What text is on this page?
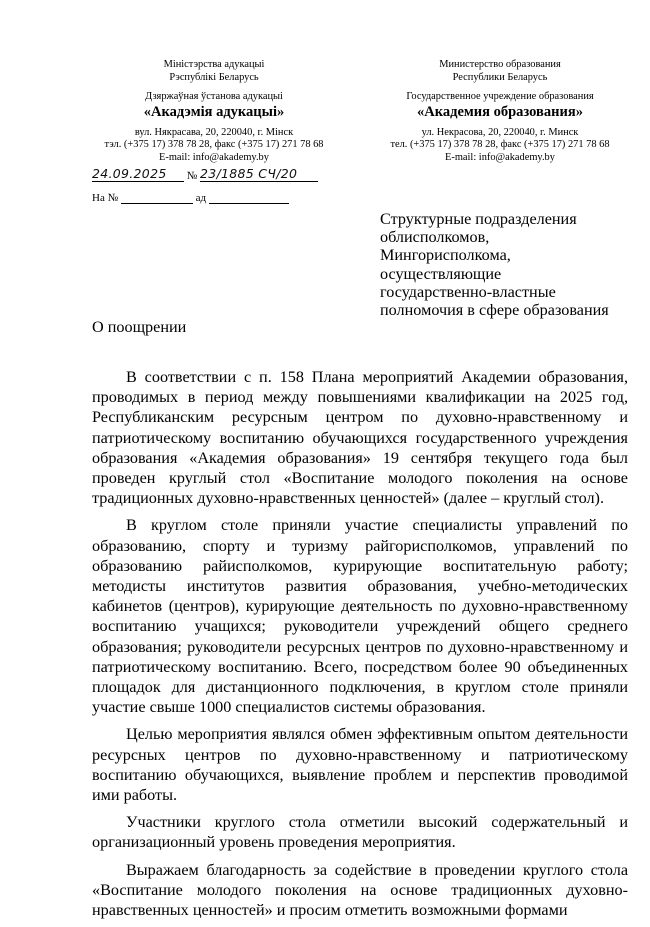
Міністэрства адукацыі
Рэспублікі Беларусь
Дзяржаўная ўстанова адукацыі
«Акадэмія адукацыі»
вул. Някрасава, 20, 220040, г. Мінск
тэл. (+375 17) 378 78 28, факс (+375 17) 271 78 68
E-mail: info@akademy.by
Министерство образования
Республики Беларусь
Государственное учреждение образования
«Академия образования»
ул. Некрасова, 20, 220040, г. Минск
тел. (+375 17) 378 78 28, факс (+375 17) 271 78 68
E-mail: info@akademy.by
24.09.2025 № 23/1885 СЧ/20
На №	ад
Структурные подразделения
облисполкомов,
Мингорисполкома,
осуществляющие
государственно-властные
полномочия в сфере образования
О поощрении

В соответствии с п. 158 Плана мероприятий Академии образования, проводимых в период между повышениями квалификации на 2025 год, Республиканским ресурсным центром по духовно-нравственному и патриотическому воспитанию обучающихся государственного учреждения образования «Академия образования» 19 сентября текущего года был проведен круглый стол «Воспитание молодого поколения на основе традиционных духовно-нравственных ценностей» (далее – круглый стол).

В круглом столе приняли участие специалисты управлений по образованию, спорту и туризму райгорисполкомов, управлений по образованию райисполкомов, курирующие воспитательную работу; методисты институтов развития образования, учебно-методических кабинетов (центров), курирующие деятельность по духовно-нравственному воспитанию учащихся; руководители учреждений общего среднего образования; руководители ресурсных центров по духовно-нравственному и патриотическому воспитанию. Всего, посредством более 90 объединенных площадок для дистанционного подключения, в круглом столе приняли участие свыше 1000 специалистов системы образования.

Целью мероприятия являлся обмен эффективным опытом деятельности ресурсных центров по духовно-нравственному и патриотическому воспитанию обучающихся, выявление проблем и перспектив проводимой ими работы.

Участники круглого стола отметили высокий содержательный и организационный уровень проведения мероприятия.

Выражаем благодарность за содействие в проведении круглого стола «Воспитание молодого поколения на основе традиционных духовно-нравственных ценностей» и просим отметить возможными формами
